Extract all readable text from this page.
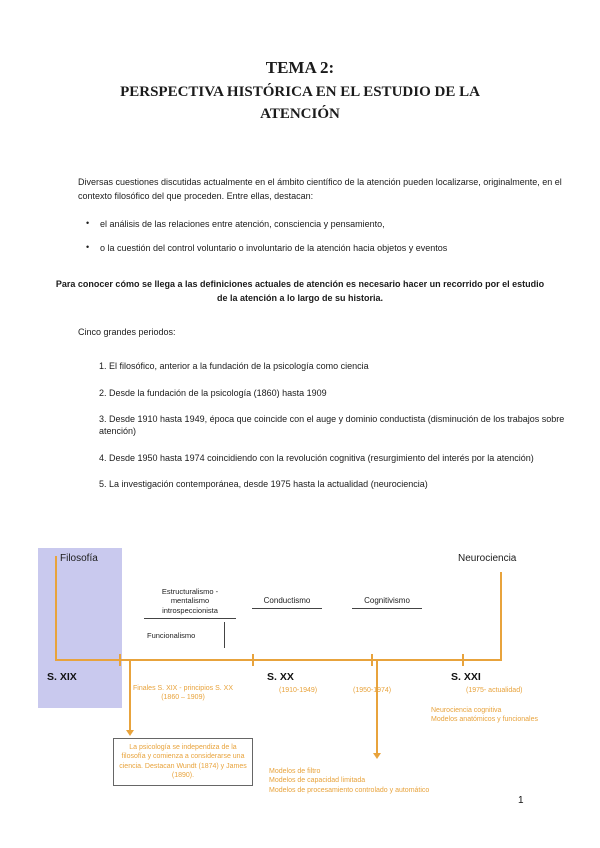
TEMA 2:
PERSPECTIVA HISTÓRICA EN EL ESTUDIO DE LA ATENCIÓN
Diversas cuestiones discutidas actualmente en el ámbito científico de la atención pueden localizarse, originalmente, en el contexto filosófico del que proceden. Entre ellas, destacan:
• el análisis de las relaciones entre atención, consciencia y pensamiento,
• o la cuestión del control voluntario o involuntario de la atención hacia objetos y eventos
Para conocer cómo se llega a las definiciones actuales de atención es necesario hacer un recorrido por el estudio de la atención a lo largo de su historia.
Cinco grandes periodos:
1. El filosófico, anterior a la fundación de la psicología como ciencia
2. Desde la fundación de la psicología (1860) hasta 1909
3. Desde 1910 hasta 1949, época que coincide con el auge y dominio conductista (disminución de los trabajos sobre atención)
4. Desde 1950 hasta 1974 coincidiendo con la revolución cognitiva (resurgimiento del interés por la atención)
5. La investigación contemporánea, desde 1975 hasta la actualidad (neurociencia)
Filosofía	Neurociencia
Estructuralismo - mentalismo introspeccionista
Funcionalismo
Conductismo	Cognitivismo
S. XIX	S. XX	S. XXI
Finales S. XIX - principios S. XX
(1860 – 1909)
(1910-1949)	(1950-1974)	(1975- actualidad)
Neurociencia cognitiva
Modelos anatómicos y funcionales
La psicología se independiza de la filosofía y comienza a considerarse una ciencia. Destacan Wundt (1874) y James (1890).
Modelos de filtro
Modelos de capacidad limitada
Modelos de procesamiento controlado y automático
1
